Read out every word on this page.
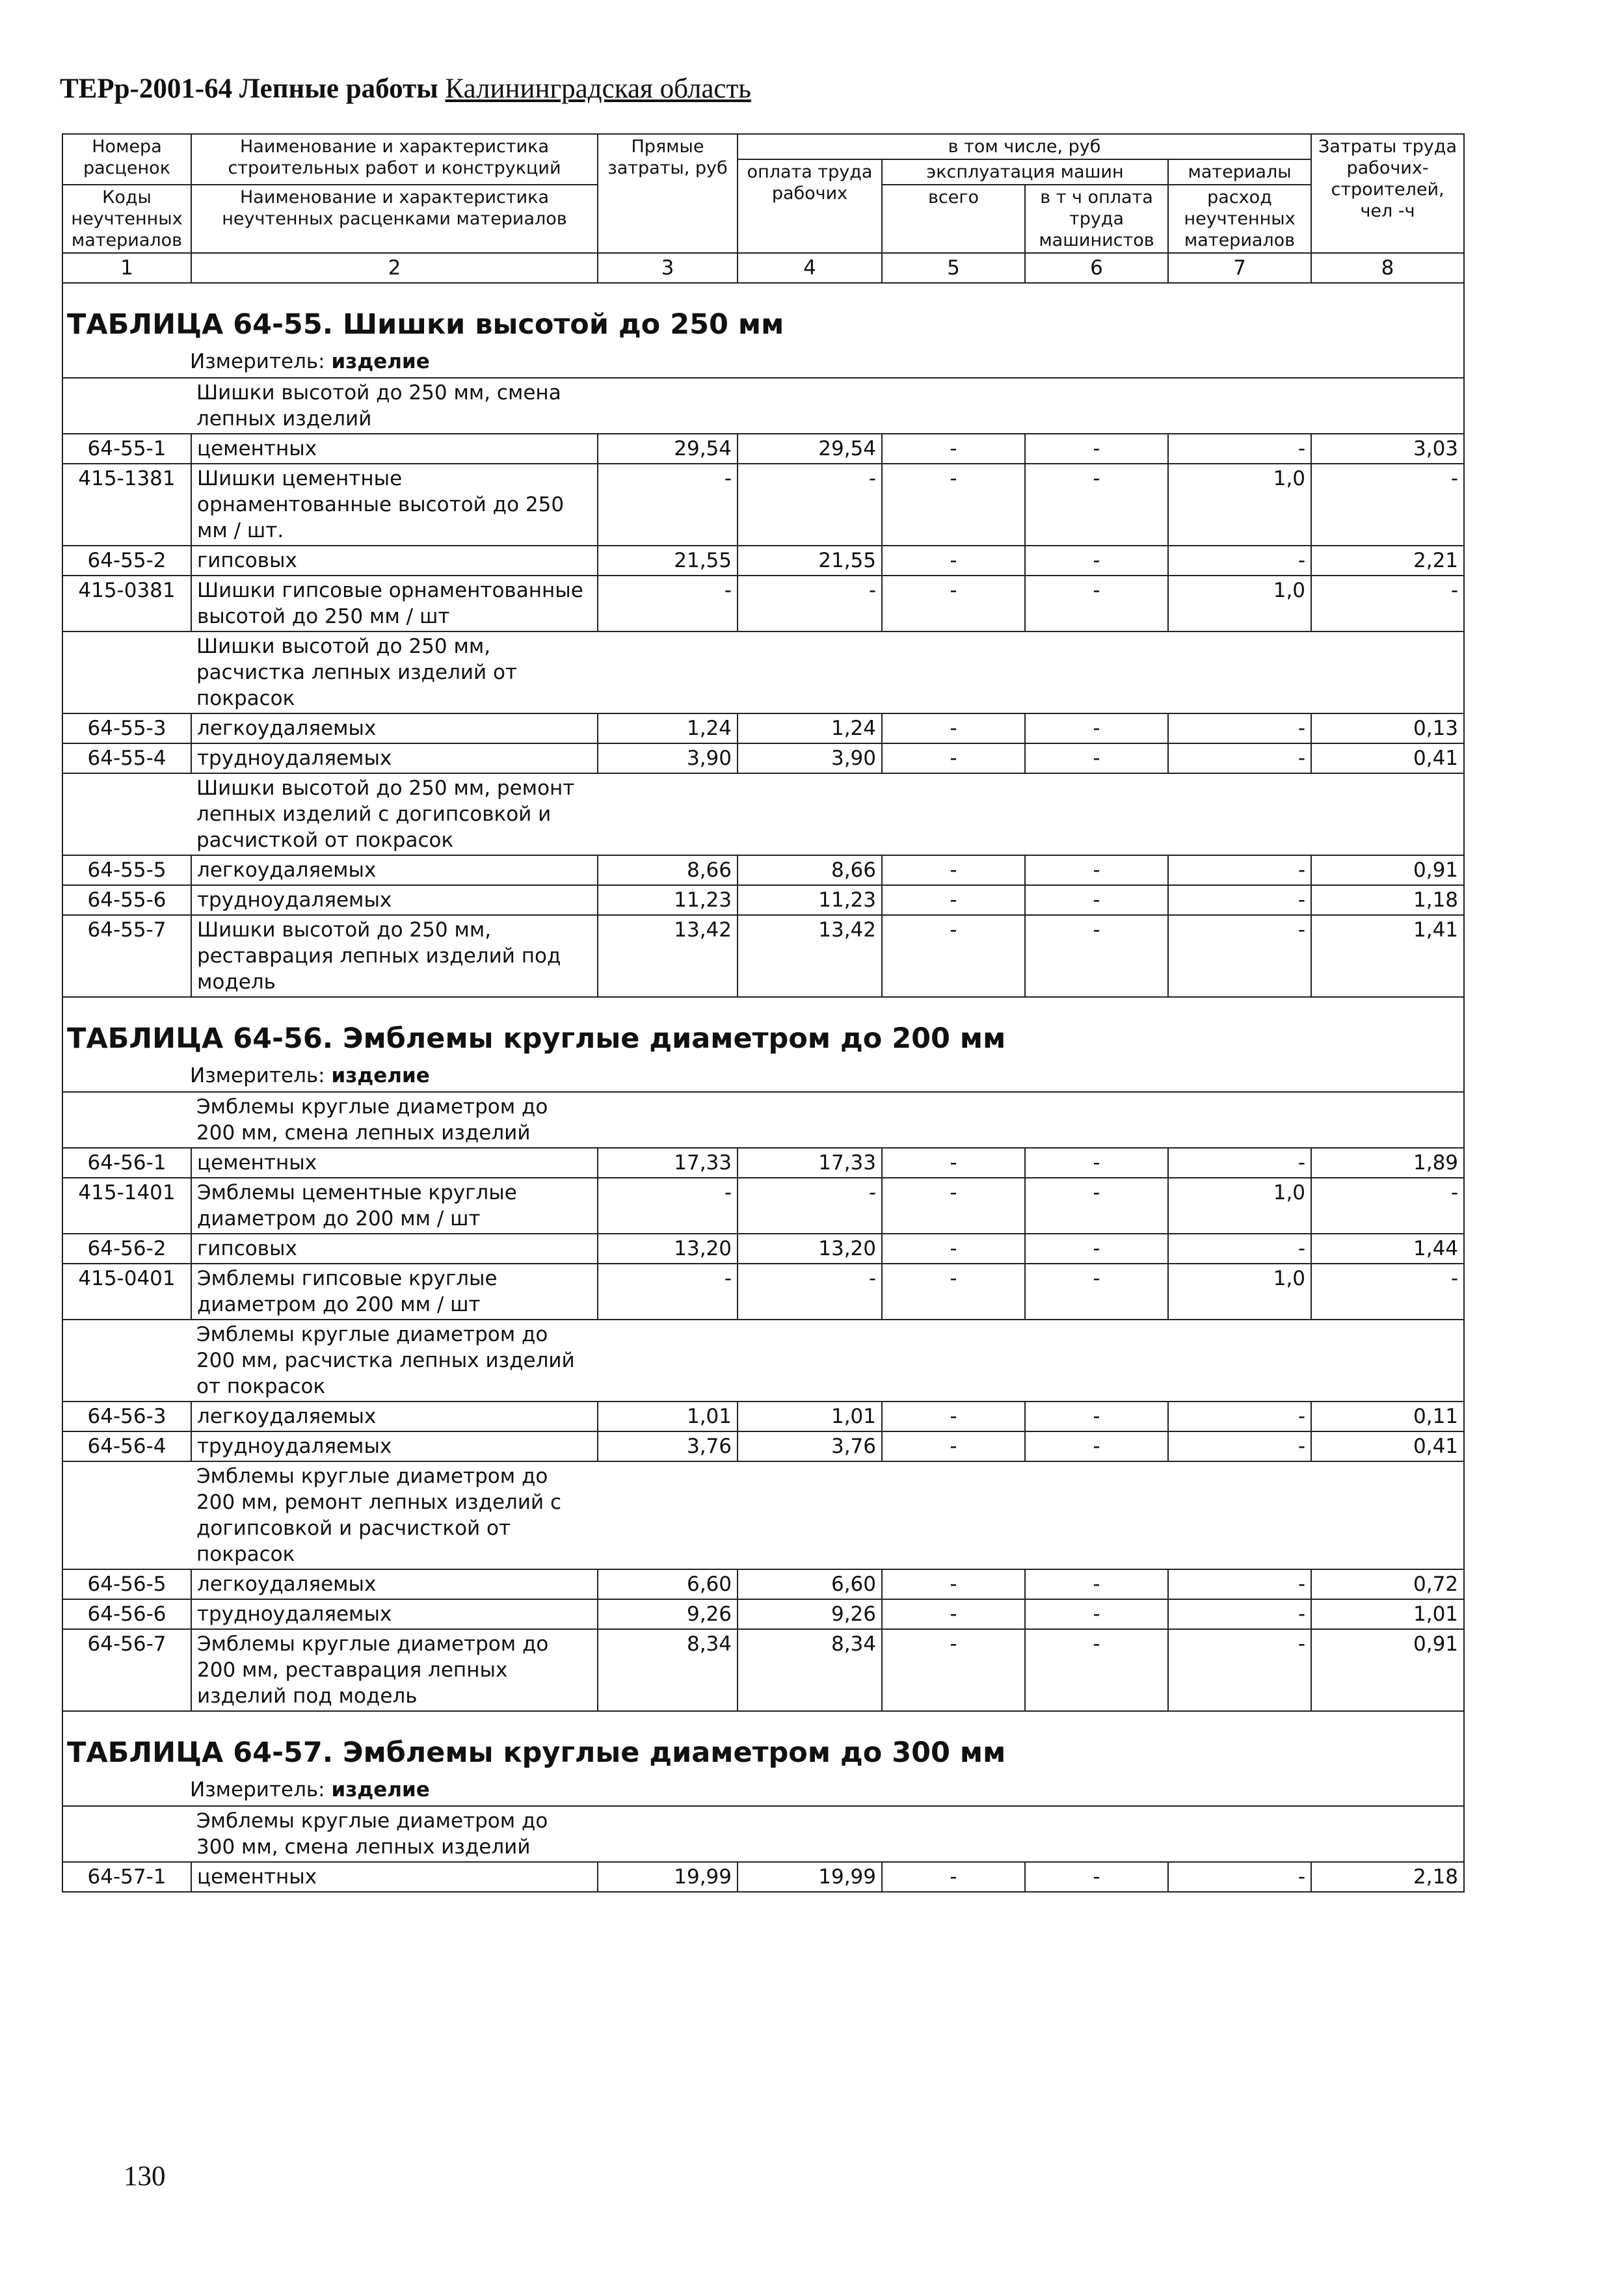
ТЕРр-2001-64 Лепные работы Калининградская область
Номера расценок	Наименование и характеристика строительных работ и конструкций	Прямые затраты, руб	в том числе, руб				Затраты труда рабочих-строителей, чел -ч
			оплата труда рабочих	эксплуатация машин		материалы	
Коды неучтенных материалов	Наименование и характеристика неучтенных расценками материалов			всего	в т ч оплата труда машинистов	расход неучтенных материалов	

1	2	3	4	5	6	7	8
ТАБЛИЦА 64-55. Шишки высотой до 250 мм							
Измеритель: изделие							
	Шишки высотой до 250 мм, смена лепных изделий						
64-55-1	цементных	29,54	29,54	-	-	-	3,03
415-1381	Шишки цементные орнаментованные высотой до 250 мм / шт.	-	-	-	-	1,0	-
64-55-2	гипсовых	21,55	21,55	-	-	-	2,21
415-0381	Шишки гипсовые орнаментованные высотой до 250 мм / шт	-	-	-	-	1,0	-
	Шишки высотой до 250 мм, расчистка лепных изделий от покрасок						
64-55-3	легкоудаляемых	1,24	1,24	-	-	-	0,13
64-55-4	трудноудаляемых	3,90	3,90	-	-	-	0,41
	Шишки высотой до 250 мм, ремонт лепных изделий с догипсовкой и расчисткой от покрасок						
64-55-5	легкоудаляемых	8,66	8,66	-	-	-	0,91
64-55-6	трудноудаляемых	11,23	11,23	-	-	-	1,18
64-55-7	Шишки высотой до 250 мм, реставрация лепных изделий под модель	13,42	13,42	-	-	-	1,41
ТАБЛИЦА 64-56. Эмблемы круглые диаметром до 200 мм							
Измеритель: изделие							
	Эмблемы круглые диаметром до 200 мм, смена лепных изделий						
64-56-1	цементных	17,33	17,33	-	-	-	1,89
415-1401	Эмблемы цементные круглые диаметром до 200 мм / шт	-	-	-	-	1,0	-
64-56-2	гипсовых	13,20	13,20	-	-	-	1,44
415-0401	Эмблемы гипсовые круглые диаметром до 200 мм / шт	-	-	-	-	1,0	-
	Эмблемы круглые диаметром до 200 мм, расчистка лепных изделий от покрасок						
64-56-3	легкоудаляемых	1,01	1,01	-	-	-	0,11
64-56-4	трудноудаляемых	3,76	3,76	-	-	-	0,41
	Эмблемы круглые диаметром до 200 мм, ремонт лепных изделий с догипсовкой и расчисткой от покрасок						
64-56-5	легкоудаляемых	6,60	6,60	-	-	-	0,72
64-56-6	трудноудаляемых	9,26	9,26	-	-	-	1,01
64-56-7	Эмблемы круглые диаметром до 200 мм, реставрация лепных изделий под модель	8,34	8,34	-	-	-	0,91
ТАБЛИЦА 64-57. Эмблемы круглые диаметром до 300 мм							
Измеритель: изделие							
	Эмблемы круглые диаметром до 300 мм, смена лепных изделий						
64-57-1	цементных	19,99	19,99	-	-	-	2,18
130
